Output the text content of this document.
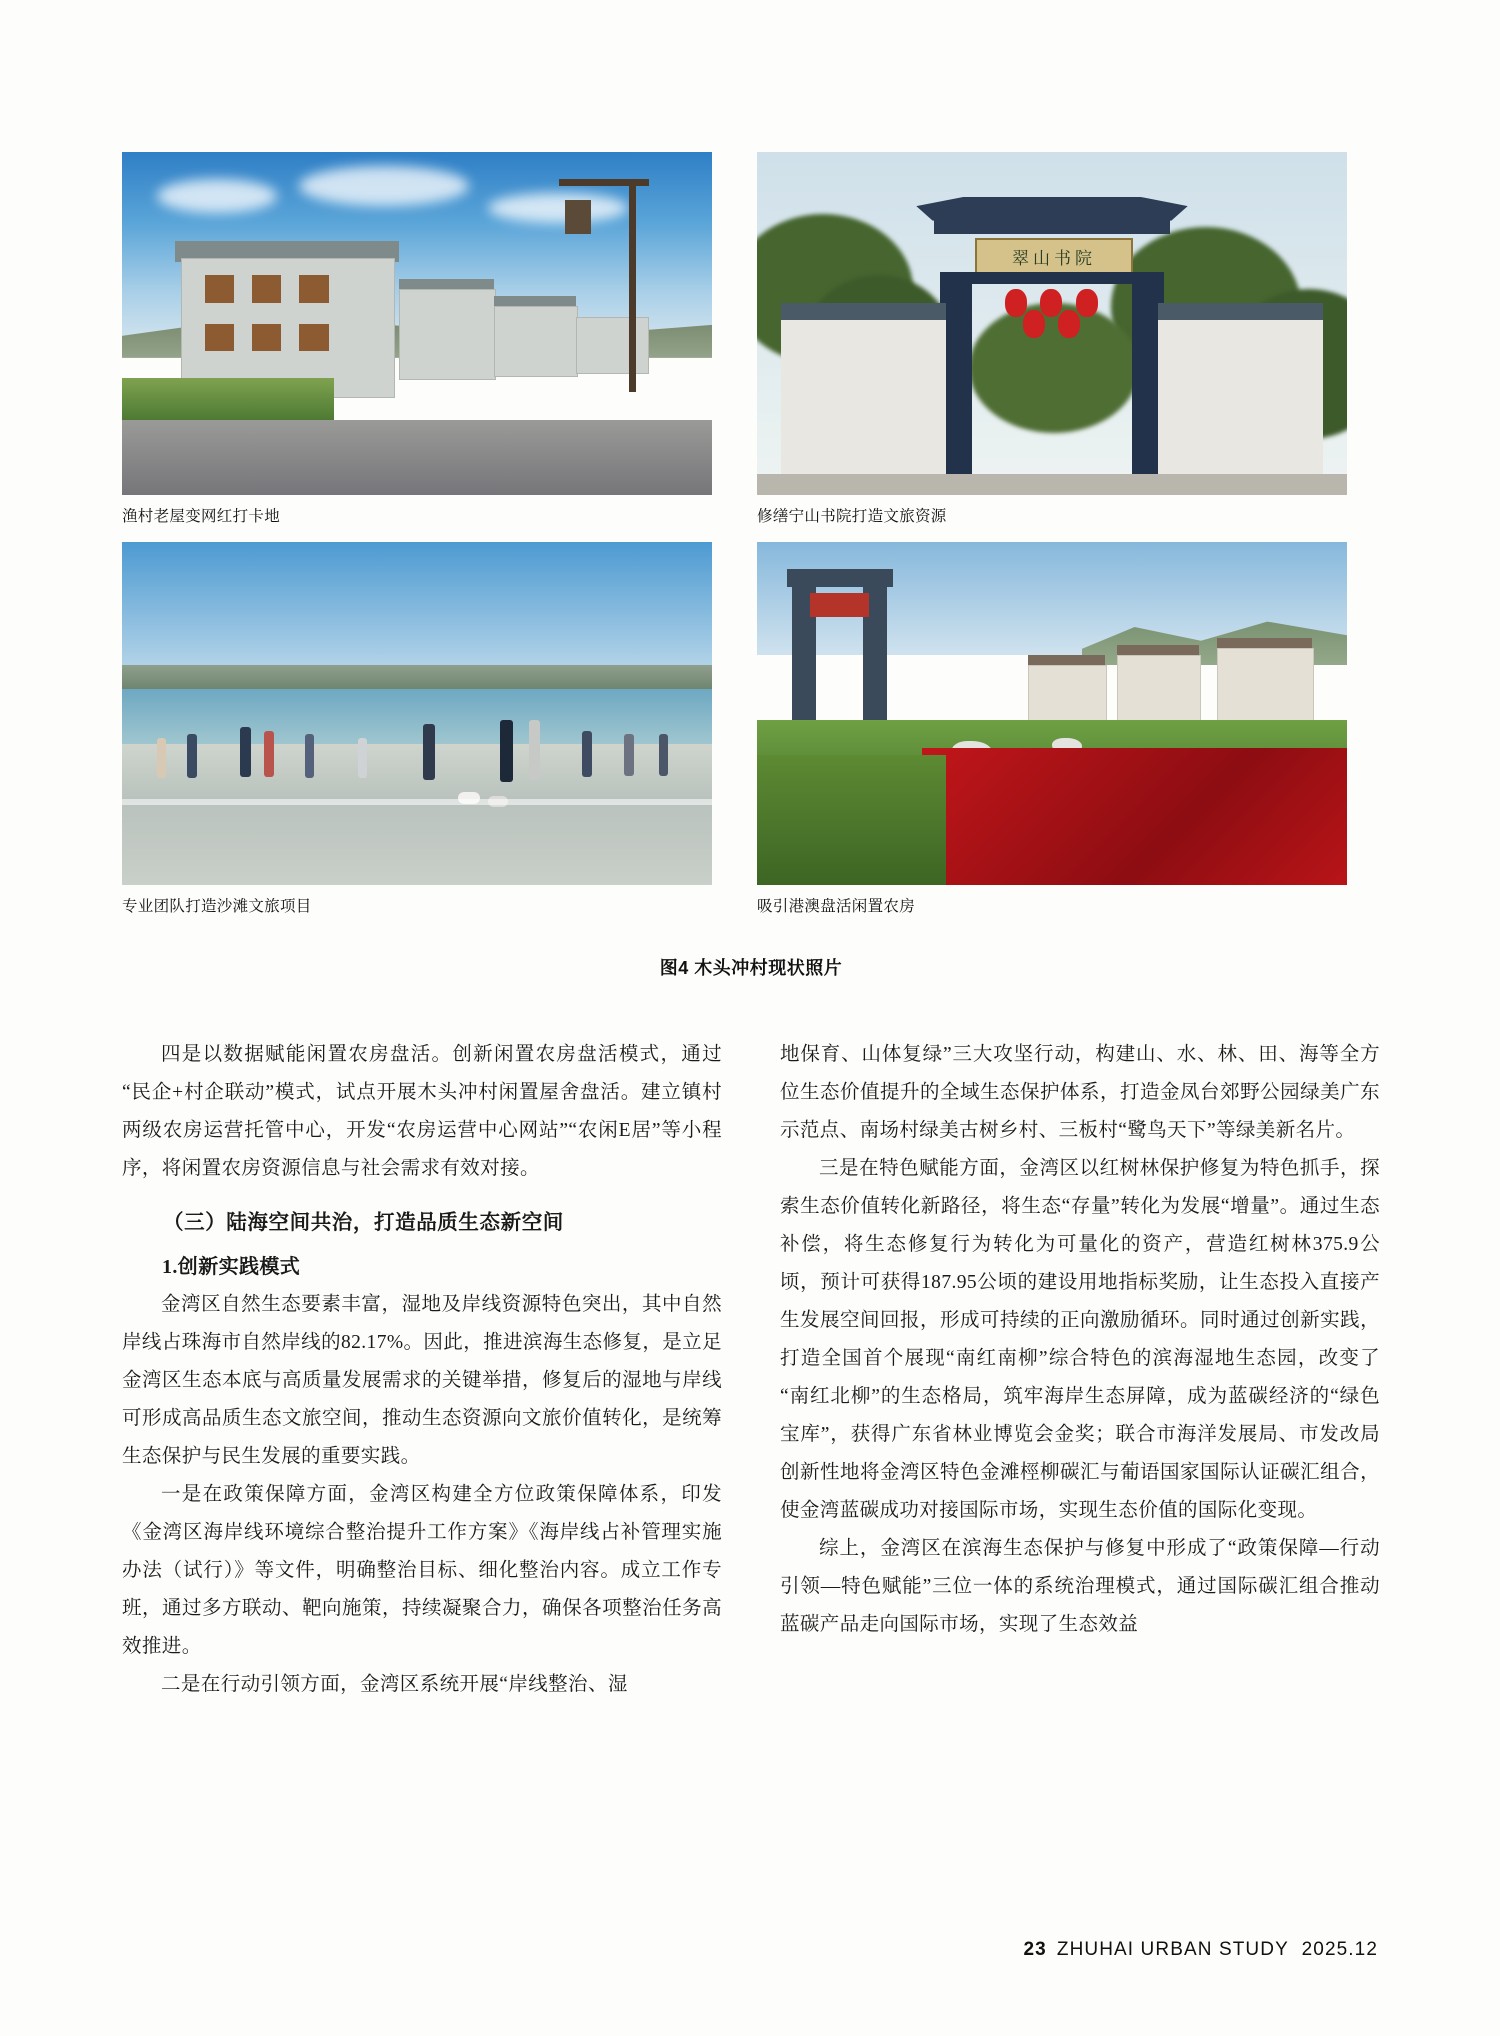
渔村老屋变网红打卡地
翠山书院
修缮宁山书院打造文旅资源
专业团队打造沙滩文旅项目	吸引港澳盘活闲置农房
图4 木头冲村现状照片

四是以数据赋能闲置农房盘活。创新闲置农房盘活模式，通过“民企+村企联动”模式，试点开展木头冲村闲置屋舍盘活。建立镇村两级农房运营托管中心，开发“农房运营中心网站”“农闲E居”等小程序，将闲置农房资源信息与社会需求有效对接。

（三）陆海空间共治，打造品质生态新空间
1.创新实践模式

金湾区自然生态要素丰富，湿地及岸线资源特色突出，其中自然岸线占珠海市自然岸线的82.17%。因此，推进滨海生态修复，是立足金湾区生态本底与高质量发展需求的关键举措，修复后的湿地与岸线可形成高品质生态文旅空间，推动生态资源向文旅价值转化，是统筹生态保护与民生发展的重要实践。

一是在政策保障方面，金湾区构建全方位政策保障体系，印发《金湾区海岸线环境综合整治提升工作方案》《海岸线占补管理实施办法（试行）》等文件，明确整治目标、细化整治内容。成立工作专班，通过多方联动、靶向施策，持续凝聚合力，确保各项整治任务高效推进。

二是在行动引领方面，金湾区系统开展“岸线整治、湿

地保育、山体复绿”三大攻坚行动，构建山、水、林、田、海等全方位生态价值提升的全域生态保护体系，打造金凤台郊野公园绿美广东示范点、南场村绿美古树乡村、三板村“鹭鸟天下”等绿美新名片。

三是在特色赋能方面，金湾区以红树林保护修复为特色抓手，探索生态价值转化新路径，将生态“存量”转化为发展“增量”。通过生态补偿，将生态修复行为转化为可量化的资产，营造红树林375.9公顷，预计可获得187.95公顷的建设用地指标奖励，让生态投入直接产生发展空间回报，形成可持续的正向激励循环。同时通过创新实践，打造全国首个展现“南红南柳”综合特色的滨海湿地生态园，改变了“南红北柳”的生态格局，筑牢海岸生态屏障，成为蓝碳经济的“绿色宝库”，获得广东省林业博览会金奖；联合市海洋发展局、市发改局创新性地将金湾区特色金滩桱柳碳汇与葡语国家国际认证碳汇组合，使金湾蓝碳成功对接国际市场，实现生态价值的国际化变现。

综上，金湾区在滨海生态保护与修复中形成了“政策保障—行动引领—特色赋能”三位一体的系统治理模式，通过国际碳汇组合推动蓝碳产品走向国际市场，实现了生态效益

23 ZHUHAI URBAN STUDY 2025.12
